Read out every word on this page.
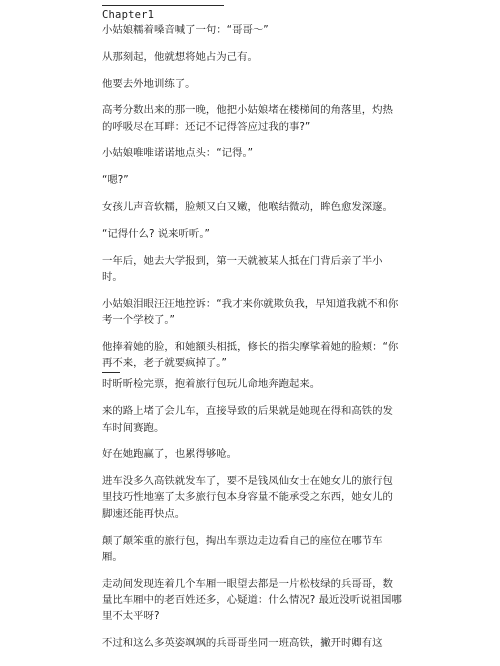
Chapter1

小姑娘糯着嗓音喊了一句：“哥哥～”

从那刻起，他就想将她占为己有。

他要去外地训练了。

高考分数出来的那一晚，他把小姑娘堵在楼梯间的角落里，灼热的呼吸尽在耳畔：还记不记得答应过我的事?”

小姑娘唯唯诺诺地点头：“记得。”

“嗯?”

女孩儿声音软糯，脸颊又白又嫩，他喉结微动，眸色愈发深邃。

“记得什么? 说来听听。”

一年后，她去大学报到，第一天就被某人抵在门背后亲了半小时。

小姑娘泪眼汪汪地控诉：“我才来你就欺负我，早知道我就不和你考一个学校了。”

他捧着她的脸，和她额头相抵，修长的指尖摩挲着她的脸颊：“你再不来，老子就要疯掉了。”

时昕昕检完票，抱着旅行包玩儿命地奔跑起来。

来的路上堵了会儿车，直接导致的后果就是她现在得和高铁的发车时间赛跑。

好在她跑赢了，也累得够呛。

进车没多久高铁就发车了，要不是钱凤仙女士在她女儿的旅行包里技巧性地塞了太多旅行包本身容量不能承受之东西，她女儿的脚速还能再快点。

颠了颠笨重的旅行包，掏出车票边走边看自己的座位在哪节车厢。

走动间发现连着几个车厢一眼望去都是一片松枝绿的兵哥哥，数量比车厢中的老百姓还多，心疑道：什么情况? 最近没听说祖国哪里不太平呀?

不过和这么多英姿飒飒的兵哥哥坐同一班高铁，撇开时卿有这
